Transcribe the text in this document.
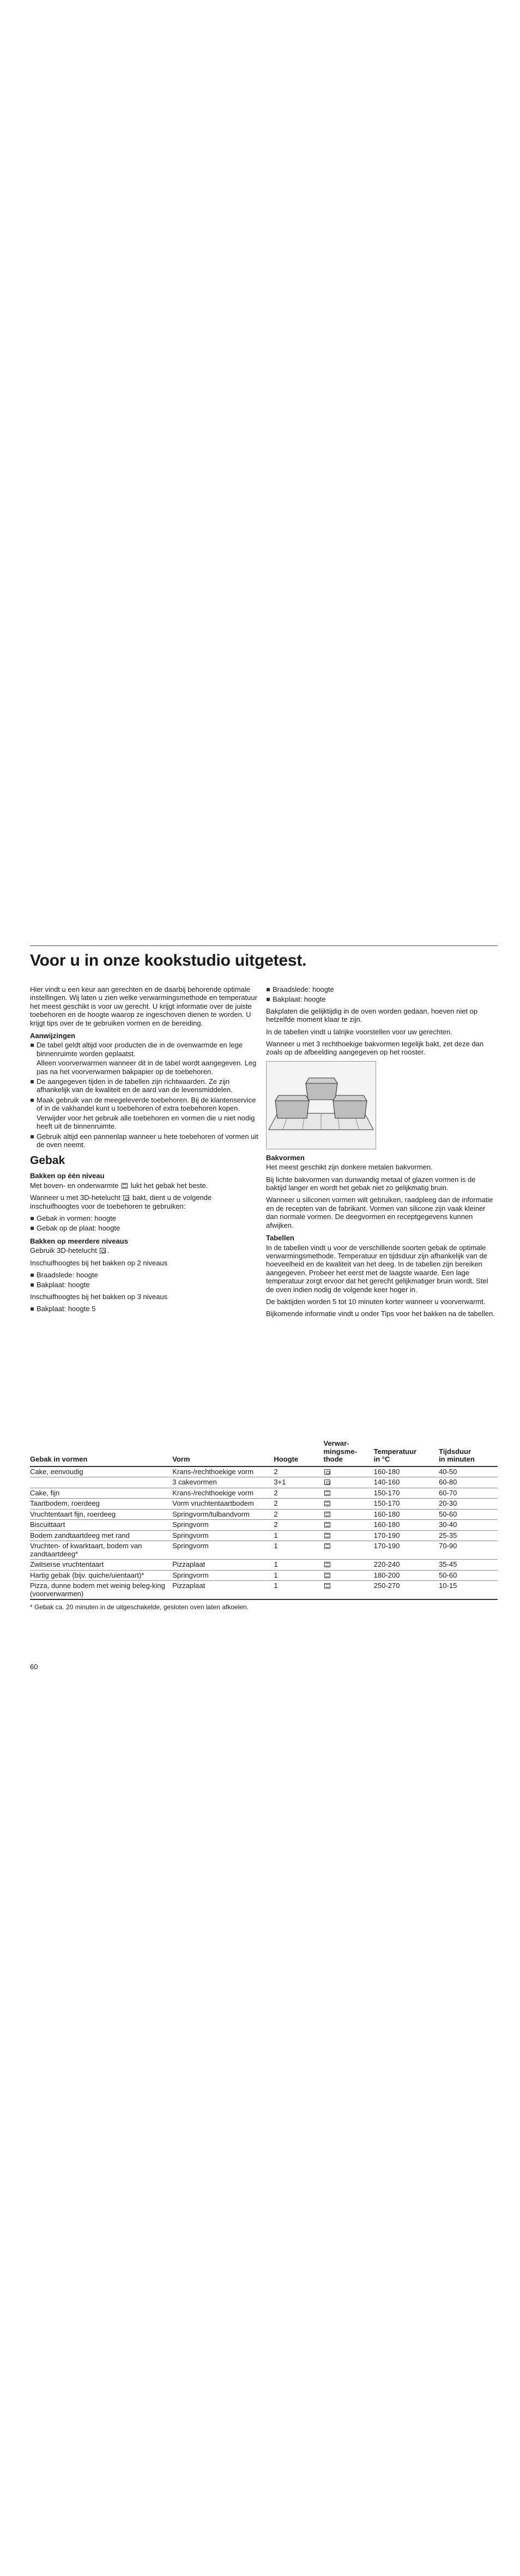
Voor u in onze kookstudio uitgetest.

Hier vindt u een keur aan gerechten en de daarbij behorende optimale instellingen. Wij laten u zien welke verwarmingsmethode en temperatuur het meest geschikt is voor uw gerecht. U krijgt informatie over de juiste toebehoren en de hoogte waarop ze ingeschoven dienen te worden. U krijgt tips over de te gebruiken vormen en de bereiding.

Aanwijzingen
De tabel geldt altijd voor producten die in de ovenwarmde en lege binnenruimte worden geplaatst.
Alleen voorverwarmen wanneer dit in de tabel wordt aangegeven. Leg pas na het voorverwarmen bakpapier op de toebehoren.
De aangegeven tijden in de tabellen zijn richtwaarden. Ze zijn afhankelijk van de kwaliteit en de aard van de levensmiddelen.
Maak gebruik van de meegeleverde toebehoren. Bij de klantenservice of in de vakhandel kunt u toebehoren of extra toebehoren kopen.
Verwijder voor het gebruik alle toebehoren en vormen die u niet nodig heeft uit de binnenruimte.
Gebruik altijd een pannenlap wanneer u hete toebehoren of vormen uit de oven neemt.
Gebak
Bakken op één niveau

Met boven- en onderwarmte lukt het gebak het beste.

Wanneer u met 3D-hetelucht bakt, dient u de volgende inschuifhoogtes voor de toebehoren te gebruiken:

Gebak in vormen: hoogte
Gebak op de plaat: hoogte
Bakken op meerdere niveaus

Gebruik 3D-hetelucht .

Inschuifhoogtes bij het bakken op 2 niveaus

Braadslede: hoogte
Bakplaat: hoogte

Inschuifhoogtes bij het bakken op 3 niveaus

Bakplaat: hoogte 5
Braadslede: hoogte
Bakplaat: hoogte

Bakplaten die gelijktijdig in de oven worden gedaan, hoeven niet op hetzelfde moment klaar te zijn.

In de tabellen vindt u talrijke voorstellen voor uw gerechten.

Wanneer u met 3 rechthoekige bakvormen tegelijk bakt, zet deze dan zoals op de afbeelding aangegeven op het rooster.

Bakvormen

Het meest geschikt zijn donkere metalen bakvormen.

Bij lichte bakvormen van dunwandig metaal of glazen vormen is de baktijd langer en wordt het gebak niet zo gelijkmatig bruin.

Wanneer u siliconen vormen wilt gebruiken, raadpleeg dan de informatie en de recepten van de fabrikant. Vormen van silicone zijn vaak kleiner dan normale vormen. De deegvormen en receptgegevens kunnen afwijken.

Tabellen

In de tabellen vindt u voor de verschillende soorten gebak de optimale verwarmingsmethode. Temperatuur en tijdsduur zijn afhankelijk van de hoeveelheid en de kwaliteit van het deeg. In de tabellen zijn bereiken aangegeven. Probeer het eerst met de laagste waarde. Een lage temperatuur zorgt ervoor dat het gerecht gelijkmatiger bruin wordt. Stel de oven indien nodig de volgende keer hoger in.

De baktijden worden 5 tot 10 minuten korter wanneer u voorverwarmt.

Bijkomende informatie vindt u onder Tips voor het bakken na de tabellen.

Gebak in vormen	Vorm	Hoogte	Verwar-
mingsme-
thode	Temperatuur
in °C	Tijdsduur
in minuten
Cake, eenvoudig	Krans-/rechthoekige vorm	2		160-180	40-50
	3 cakevormen	3+1		140-160	60-80
Cake, fijn	Krans-/rechthoekige vorm	2		150-170	60-70
Taartbodem, roerdeeg	Vorm vruchtentaartbodem	2		150-170	20-30
Vruchtentaart fijn, roerdeeg	Springvorm/tulbandvorm	2		160-180	50-60
Biscuittaart	Springvorm	2		160-180	30-40
Bodem zandtaartdeeg met rand	Springvorm	1		170-190	25-35
Vruchten- of kwarktaart, bodem van zandtaartdeeg*	Springvorm	1		170-190	70-90
Zwitserse vruchtentaart	Pizzaplaat	1		220-240	35-45
Hartig gebak (bijv. quiche/uientaart)*	Springvorm	1		180-200	50-60
Pizza, dunne bodem met weinig beleg-king (voorverwarmen)	Pizzaplaat	1		250-270	10-15
* Gebak ca. 20 minuten in de uitgeschakelde, gesloten oven laten afkoelen.
60
